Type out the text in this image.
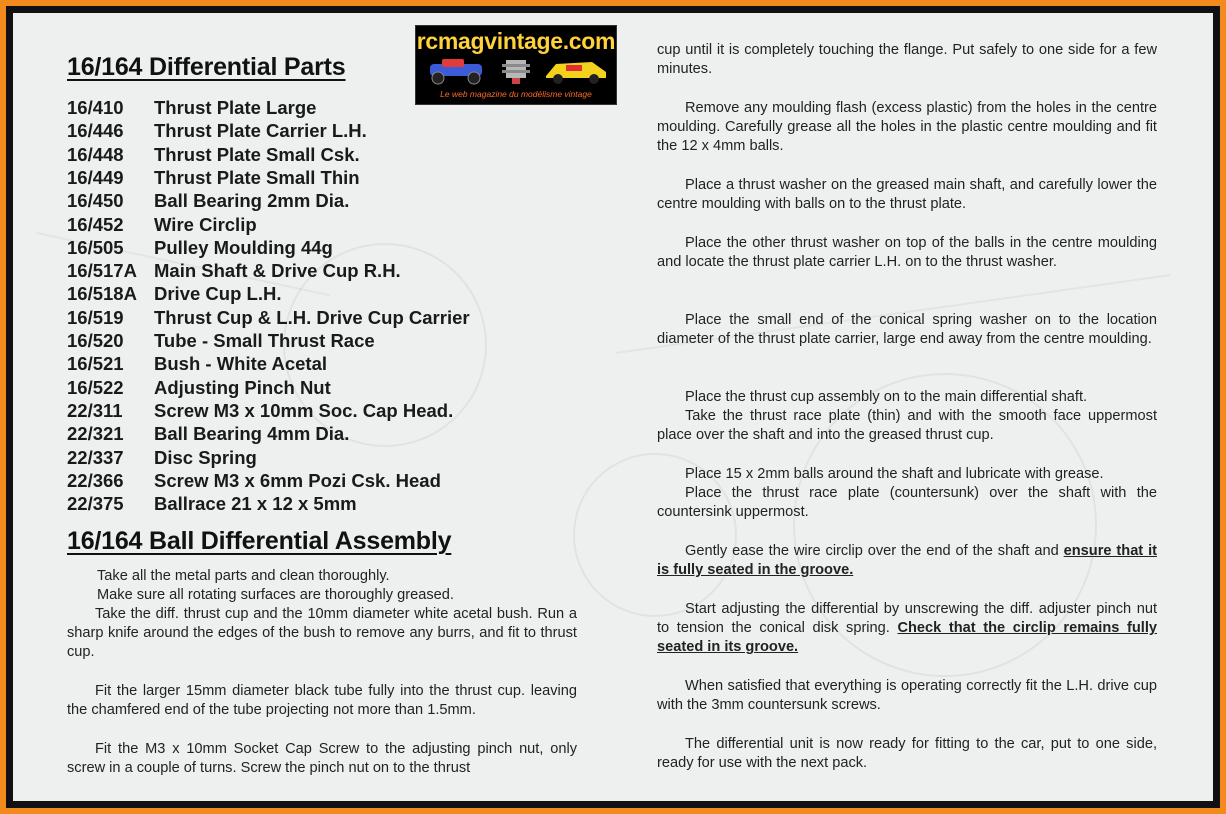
rcmagvintage.com
Le web magazine du modélisme vintage
16/164 Differential Parts
16/410 Thrust Plate Large
16/446 Thrust Plate Carrier L.H.
16/448 Thrust Plate Small Csk.
16/449 Thrust Plate Small Thin
16/450 Ball Bearing 2mm Dia.
16/452 Wire Circlip
16/505 Pulley Moulding 44g
16/517A Main Shaft & Drive Cup R.H.
16/518A Drive Cup L.H.
16/519 Thrust Cup & L.H. Drive Cup Carrier
16/520 Tube - Small Thrust Race
16/521 Bush - White Acetal
16/522 Adjusting Pinch Nut
22/311 Screw M3 x 10mm Soc. Cap Head.
22/321 Ball Bearing 4mm Dia.
22/337 Disc Spring
22/366 Screw M3 x 6mm Pozi Csk. Head
22/375 Ballrace 21 x 12 x 5mm
16/164 Ball Differential Assembly

Take all the metal parts and clean thoroughly.

Make sure all rotating surfaces are thoroughly greased.

Take the diff. thrust cup and the 10mm diameter white acetal bush. Run a sharp knife around the edges of the bush to remove any burrs, and fit to thrust cup.

Fit the larger 15mm diameter black tube fully into the thrust cup. leaving the chamfered end of the tube projecting not more than 1.5mm.

Fit the M3 x 10mm Socket Cap Screw to the adjusting pinch nut, only screw in a couple of turns. Screw the pinch nut on to the thrust

cup until it is completely touching the flange. Put safely to one side for a few minutes.

Remove any moulding flash (excess plastic) from the holes in the centre moulding. Carefully grease all the holes in the plastic centre moulding and fit the 12 x 4mm balls.

Place a thrust washer on the greased main shaft, and carefully lower the centre moulding with balls on to the thrust plate.

Place the other thrust washer on top of the balls in the centre moulding and locate the thrust plate carrier L.H. on to the thrust washer.

Place the small end of the conical spring washer on to the location diameter of the thrust plate carrier, large end away from the centre moulding.

Place the thrust cup assembly on to the main differential shaft.

Take the thrust race plate (thin) and with the smooth face uppermost place over the shaft and into the greased thrust cup.

Place 15 x 2mm balls around the shaft and lubricate with grease.

Place the thrust race plate (countersunk) over the shaft with the countersink uppermost.

Gently ease the wire circlip over the end of the shaft and ensure that it is fully seated in the groove.

Start adjusting the differential by unscrewing the diff. adjuster pinch nut to tension the conical disk spring. Check that the circlip remains fully seated in its groove.

When satisfied that everything is operating correctly fit the L.H. drive cup with the 3mm countersunk screws.

The differential unit is now ready for fitting to the car, put to one side, ready for use with the next pack.
